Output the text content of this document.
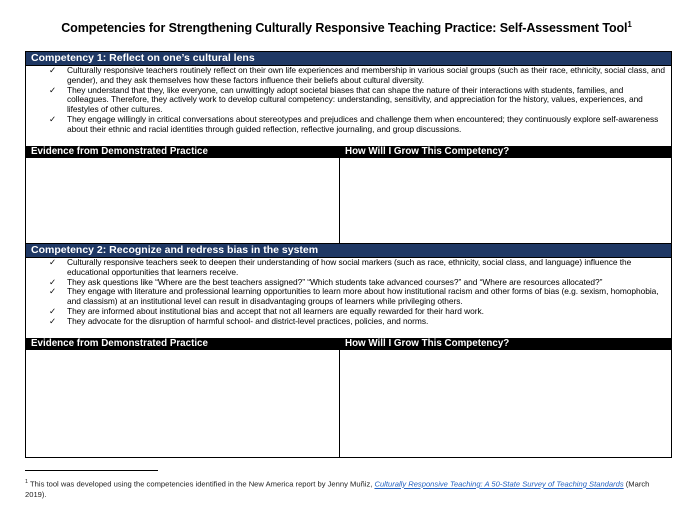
Competencies for Strengthening Culturally Responsive Teaching Practice: Self-Assessment Tool$^1$
Competency 1: Reflect on one’s cultural lens
✓ Culturally responsive teachers routinely reflect on their own life experiences and membership in various social groups (such as their race, ethnicity, social class, and gender), and they ask themselves how these factors influence their beliefs about cultural diversity.
✓ They understand that they, like everyone, can unwittingly adopt societal biases that can shape the nature of their interactions with students, families, and colleagues. Therefore, they actively work to develop cultural competency: understanding, sensitivity, and appreciation for the history, values, experiences, and lifestyles of other cultures.
✓ They engage willingly in critical conversations about stereotypes and prejudices and challenge them when encountered; they continuously explore self-awareness about their ethnic and racial identities through guided reflection, reflective journaling, and group discussions.
Evidence from Demonstrated Practice	How Will I Grow This Competency?
Competency 2: Recognize and redress bias in the system
✓ Culturally responsive teachers seek to deepen their understanding of how social markers (such as race, ethnicity, social class, and language) influence the educational opportunities that learners receive.
✓ They ask questions like “Where are the best teachers assigned?” “Which students take advanced courses?” and “Where are resources allocated?”
✓ They engage with literature and professional learning opportunities to learn more about how institutional racism and other forms of bias (e.g. sexism, homophobia, and classism) at an institutional level can result in disadvantaging groups of learners while privileging others.
✓ They are informed about institutional bias and accept that not all learners are equally rewarded for their hard work.
✓ They advocate for the disruption of harmful school- and district-level practices, policies, and norms.
Evidence from Demonstrated Practice	How Will I Grow This Competency?
$^1$ This tool was developed using the competencies identified in the New America report by Jenny Muñiz, Culturally Responsive Teaching: A 50-State Survey of Teaching Standards (March 2019).
